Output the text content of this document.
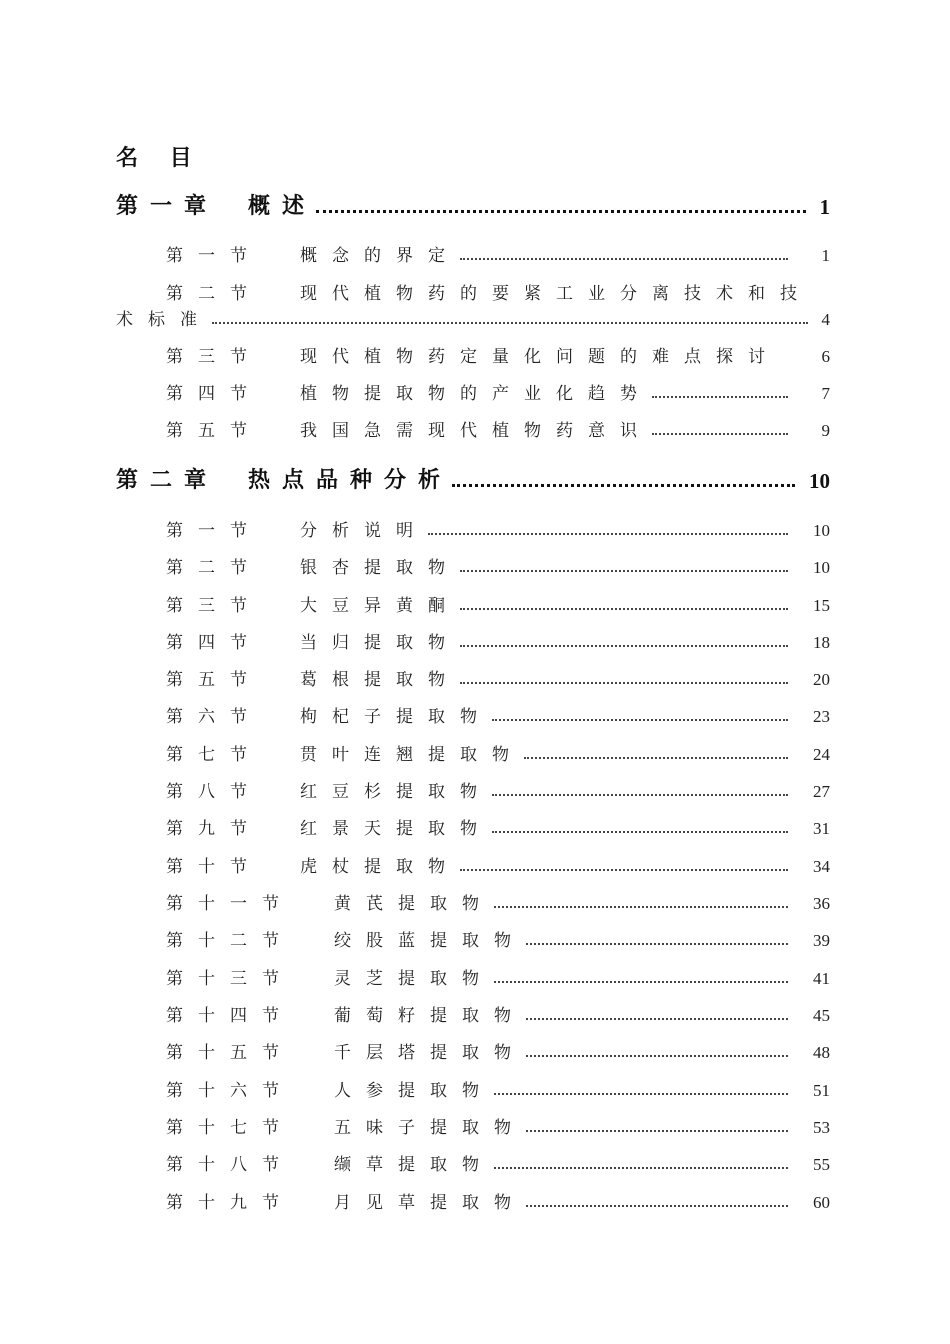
名 目
第一章 概述	1
第一节	概念的界定	1
第二节 现代植物药的要紧工业分离技术和技
术标准	4
第三节	现代植物药定量化问题的难点探讨	6
第四节	植物提取物的产业化趋势	7
第五节	我国急需现代植物药意识	9
第二章 热点品种分析	10
第一节	分析说明	10
第二节	银杏提取物	10
第三节	大豆异黄酮	15
第四节	当归提取物	18
第五节	葛根提取物	20
第六节	枸杞子提取物	23
第七节	贯叶连翘提取物	24
第八节	红豆杉提取物	27
第九节	红景天提取物	31
第十节	虎杖提取物	34
第十一节	黄芪提取物	36
第十二节	绞股蓝提取物	39
第十三节	灵芝提取物	41
第十四节	葡萄籽提取物	45
第十五节	千层塔提取物	48
第十六节	人参提取物	51
第十七节	五味子提取物	53
第十八节	缬草提取物	55
第十九节	月见草提取物	60
